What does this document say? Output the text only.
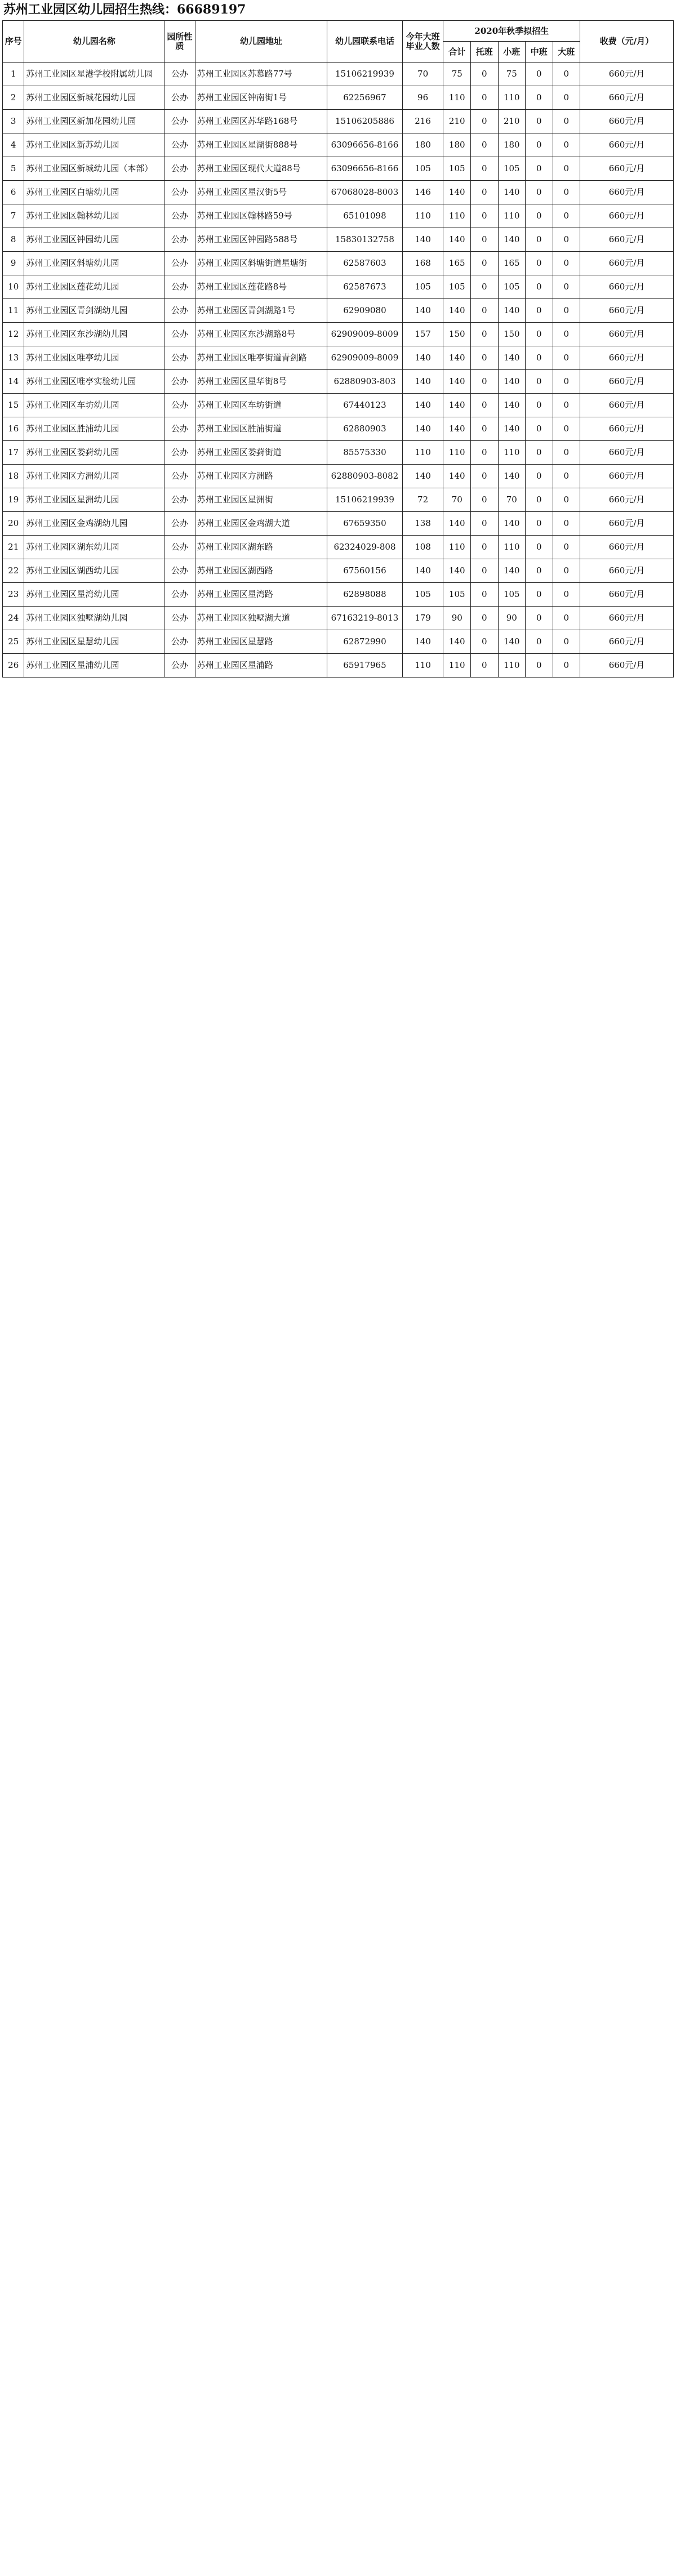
苏州工业园区幼儿园招生热线：66689197
序号	幼儿园名称	园所性质	幼儿园地址	幼儿园联系电话	今年大班毕业人数	2020年秋季拟招生					收费（元/月）
						合计	托班	小班	中班	大班	
1	苏州工业园区星港学校附属幼儿园	公办	苏州工业园区苏慕路77号	15106219939	70	75	0	75	0	0	660元/月
2	苏州工业园区新城花园幼儿园	公办	苏州工业园区钟南街1号	62256967	96	110	0	110	0	0	660元/月
3	苏州工业园区新加花园幼儿园	公办	苏州工业园区苏华路168号	15106205886	216	210	0	210	0	0	660元/月
4	苏州工业园区新苏幼儿园	公办	苏州工业园区星湖街888号	63096656-8166	180	180	0	180	0	0	660元/月
5	苏州工业园区新城幼儿园（本部）	公办	苏州工业园区现代大道88号	63096656-8166	105	105	0	105	0	0	660元/月
6	苏州工业园区白塘幼儿园	公办	苏州工业园区星汉街5号	67068028-8003	146	140	0	140	0	0	660元/月
7	苏州工业园区翰林幼儿园	公办	苏州工业园区翰林路59号	65101098	110	110	0	110	0	0	660元/月
8	苏州工业园区钟园幼儿园	公办	苏州工业园区钟园路588号	15830132758	140	140	0	140	0	0	660元/月
9	苏州工业园区斜塘幼儿园	公办	苏州工业园区斜塘街道星塘街	62587603	168	165	0	165	0	0	660元/月
10	苏州工业园区莲花幼儿园	公办	苏州工业园区莲花路8号	62587673	105	105	0	105	0	0	660元/月
11	苏州工业园区青剑湖幼儿园	公办	苏州工业园区青剑湖路1号	62909080	140	140	0	140	0	0	660元/月
12	苏州工业园区东沙湖幼儿园	公办	苏州工业园区东沙湖路8号	62909009-8009	157	150	0	150	0	0	660元/月
13	苏州工业园区唯亭幼儿园	公办	苏州工业园区唯亭街道青剑路	62909009-8009	140	140	0	140	0	0	660元/月
14	苏州工业园区唯亭实验幼儿园	公办	苏州工业园区星华街8号	62880903-803	140	140	0	140	0	0	660元/月
15	苏州工业园区车坊幼儿园	公办	苏州工业园区车坊街道	67440123	140	140	0	140	0	0	660元/月
16	苏州工业园区胜浦幼儿园	公办	苏州工业园区胜浦街道	62880903	140	140	0	140	0	0	660元/月
17	苏州工业园区娄葑幼儿园	公办	苏州工业园区娄葑街道	85575330	110	110	0	110	0	0	660元/月
18	苏州工业园区方洲幼儿园	公办	苏州工业园区方洲路	62880903-8082	140	140	0	140	0	0	660元/月
19	苏州工业园区星洲幼儿园	公办	苏州工业园区星洲街	15106219939	72	70	0	70	0	0	660元/月
20	苏州工业园区金鸡湖幼儿园	公办	苏州工业园区金鸡湖大道	67659350	138	140	0	140	0	0	660元/月
21	苏州工业园区湖东幼儿园	公办	苏州工业园区湖东路	62324029-808	108	110	0	110	0	0	660元/月
22	苏州工业园区湖西幼儿园	公办	苏州工业园区湖西路	67560156	140	140	0	140	0	0	660元/月
23	苏州工业园区星湾幼儿园	公办	苏州工业园区星湾路	62898088	105	105	0	105	0	0	660元/月
24	苏州工业园区独墅湖幼儿园	公办	苏州工业园区独墅湖大道	67163219-8013	179	90	0	90	0	0	660元/月
25	苏州工业园区星慧幼儿园	公办	苏州工业园区星慧路	62872990	140	140	0	140	0	0	660元/月
26	苏州工业园区星浦幼儿园	公办	苏州工业园区星浦路	65917965	110	110	0	110	0	0	660元/月
